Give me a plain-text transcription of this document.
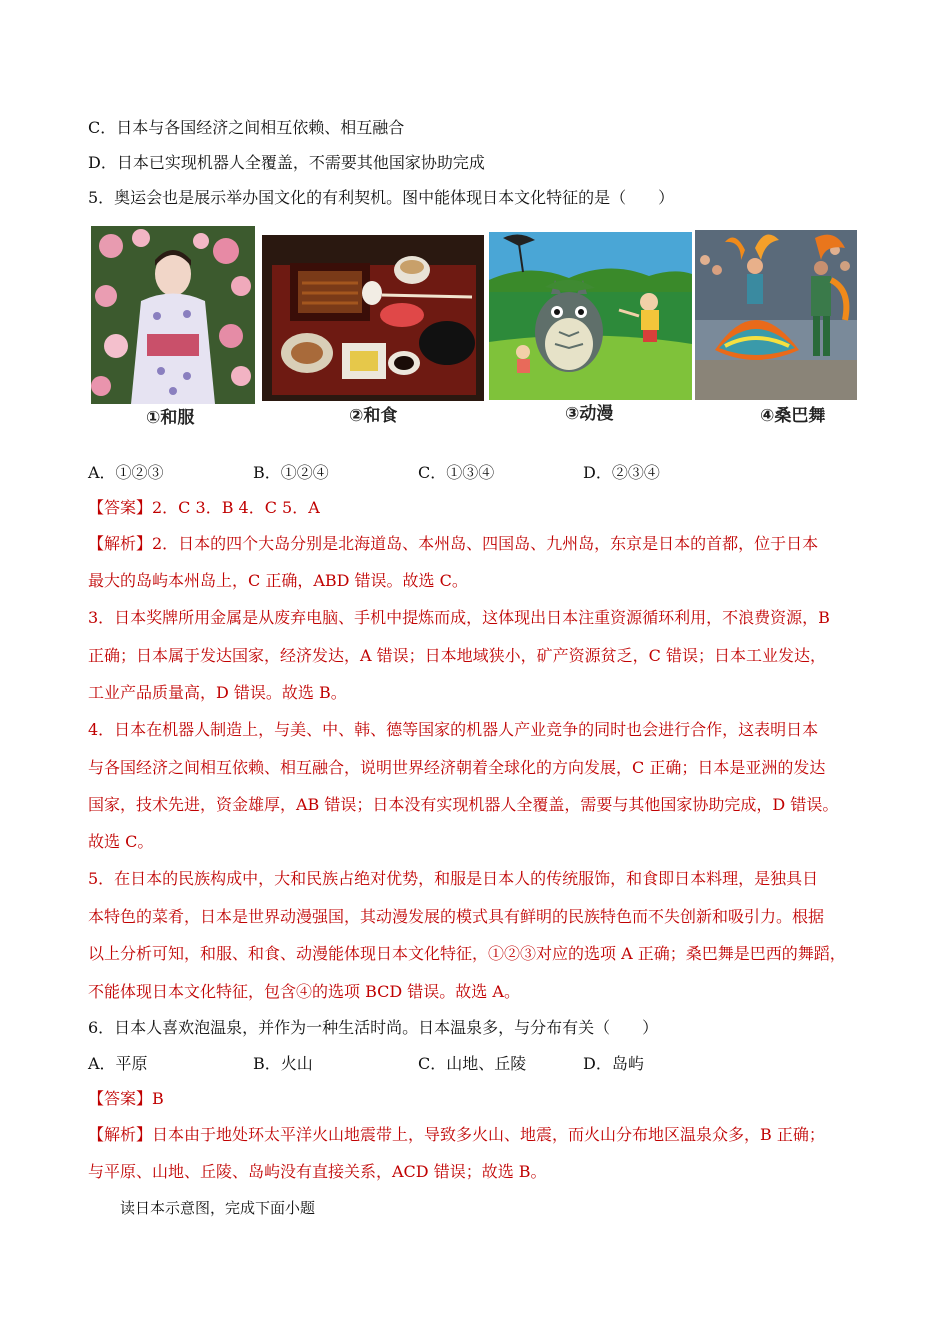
C．日本与各国经济之间相互依赖、相互融合
D．日本已实现机器人全覆盖，不需要其他国家协助完成
5．奥运会也是展示举办国文化的有利契机。图中能体现日本文化特征的是（　　）
①和服	②和食	③动漫	④桑巴舞
A．①②③	B．①②④	C．①③④	D．②③④
【答案】2．C 3．B 4．C 5．A
【解析】2．日本的四个大岛分别是北海道岛、本州岛、四国岛、九州岛，东京是日本的首都，位于日本
最大的岛屿本州岛上，C 正确，ABD 错误。故选 C。
3．日本奖牌所用金属是从废弃电脑、手机中提炼而成，这体现出日本注重资源循环利用，不浪费资源，B
正确；日本属于发达国家，经济发达，A 错误；日本地域狭小，矿产资源贫乏，C 错误；日本工业发达，
工业产品质量高，D 错误。故选 B。
4．日本在机器人制造上，与美、中、韩、德等国家的机器人产业竞争的同时也会进行合作，这表明日本
与各国经济之间相互依赖、相互融合，说明世界经济朝着全球化的方向发展，C 正确；日本是亚洲的发达
国家，技术先进，资金雄厚，AB 错误；日本没有实现机器人全覆盖，需要与其他国家协助完成，D 错误。
故选 C。
5．在日本的民族构成中，大和民族占绝对优势，和服是日本人的传统服饰，和食即日本料理，是独具日
本特色的菜肴，日本是世界动漫强国，其动漫发展的模式具有鲜明的民族特色而不失创新和吸引力。根据
以上分析可知，和服、和食、动漫能体现日本文化特征，①②③对应的选项 A 正确；桑巴舞是巴西的舞蹈，
不能体现日本文化特征，包含④的选项 BCD 错误。故选 A。
6．日本人喜欢泡温泉，并作为一种生活时尚。日本温泉多，与分布有关（　　）
A．平原	B．火山	C．山地、丘陵	D．岛屿
【答案】B
【解析】日本由于地处环太平洋火山地震带上，导致多火山、地震，而火山分布地区温泉众多，B 正确；
与平原、山地、丘陵、岛屿没有直接关系，ACD 错误；故选 B。
读日本示意图，完成下面小题
